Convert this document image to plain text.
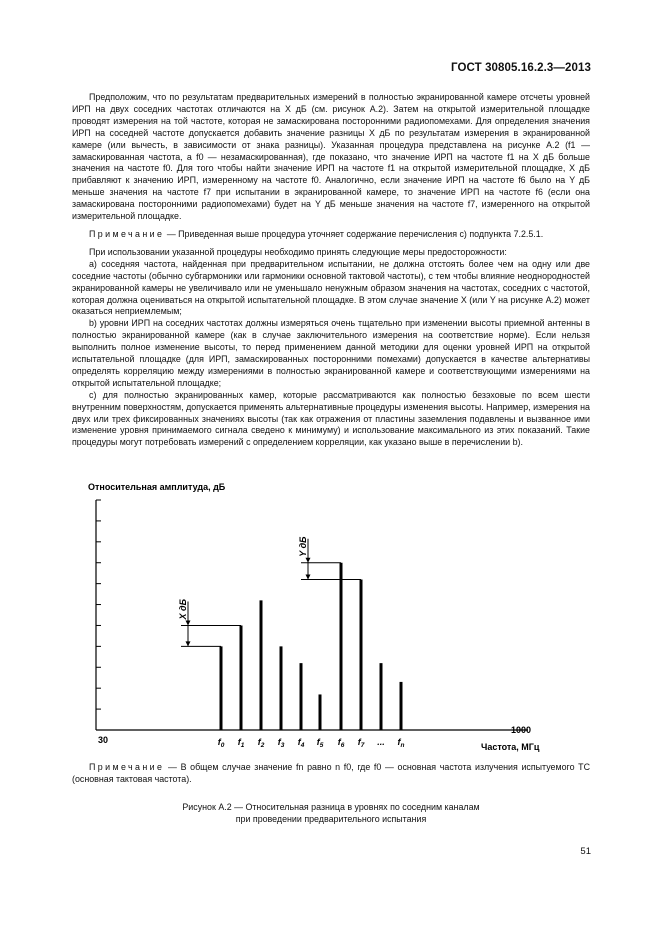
ГОСТ 30805.16.2.3—2013

Предположим, что по результатам предварительных измерений в полностью экранированной камере отсчеты уровней ИРП на двух соседних частотах отличаются на X дБ (см. рисунок А.2). Затем на открытой измерительной площадке проводят измерения на той частоте, которая не замаскирована посторонними радиопомехами. Для определения значения ИРП на соседней частоте допускается добавить значение разницы X дБ по результатам измерения в экранированной камере (или вычесть, в зависимости от знака разницы). Указанная процедура представлена на рисунке А.2 (f1 — замаскированная частота, а f0 — незамаскированная), где показано, что значение ИРП на частоте f1 на X дБ больше значения на частоте f0. Для того чтобы найти значение ИРП на частоте f1 на открытой измерительной площадке, X дБ прибавляют к значению ИРП, измеренному на частоте f0. Аналогично, если значение ИРП на частоте f6 было на Y дБ меньше значения на частоте f7 при испытании в экранированной камере, то значение ИРП на частоте f6 (если она замаскирована посторонними радиопомехами) будет на Y дБ меньше значения на частоте f7, измеренного на открытой измерительной площадке.

Примечание — Приведенная выше процедура уточняет содержание перечисления с) подпункта 7.2.5.1.

При использовании указанной процедуры необходимо принять следующие меры предосторожности:

а) соседняя частота, найденная при предварительном испытании, не должна отстоять более чем на одну или две соседние частоты (обычно субгармоники или гармоники основной тактовой частоты), с тем чтобы влияние неоднородностей экранированной камеры не увеличивало или не уменьшало ненужным образом значения на частотах, соседних с частотой, которая должна оцениваться на открытой испытательной площадке. В этом случае значение X (или Y на рисунке А.2) может оказаться неприемлемым;

b) уровни ИРП на соседних частотах должны измеряться очень тщательно при изменении высоты приемной антенны в полностью экранированной камере (как в случае заключительного измерения на соответствие норме). Если нельзя выполнить полное изменение высоты, то перед применением данной методики для оценки уровней ИРП на открытой испытательной площадке (для ИРП, замаскированных посторонними помехами) допускается в качестве альтернативы определять корреляцию между измерениями в полностью экранированной камере и соответствующими измерениями на открытой испытательной площадке;

с) для полностью экранированных камер, которые рассматриваются как полностью безэховые по всем шести внутренним поверхностям, допускается применять альтернативные процедуры изменения высоты. Например, измерения на двух или трех фиксированных значениях высоты (так как отражения от пластины заземления подавлены и вызванное ими изменение уровня принимаемого сигнала сведено к минимуму) и использование максимального из этих показаний. Такие процедуры могут потребовать измерений с определением корреляции, как указано выше в перечислении b).

Относительная амплитуда, дБ
$f_0$ $f_1$ $f_2$ $f_3$ $f_4$ $f_5$ $f_6$ $f_7$ ... $f_n$
X дБ
Y дБ
30
1000
Частота, МГц
Примечание — В общем случае значение fn равно n f0, где f0 — основная частота излучения испытуемого ТС (основная тактовая частота).
Рисунок А.2 — Относительная разница в уровнях по соседним каналам
при проведении предварительного испытания
51
